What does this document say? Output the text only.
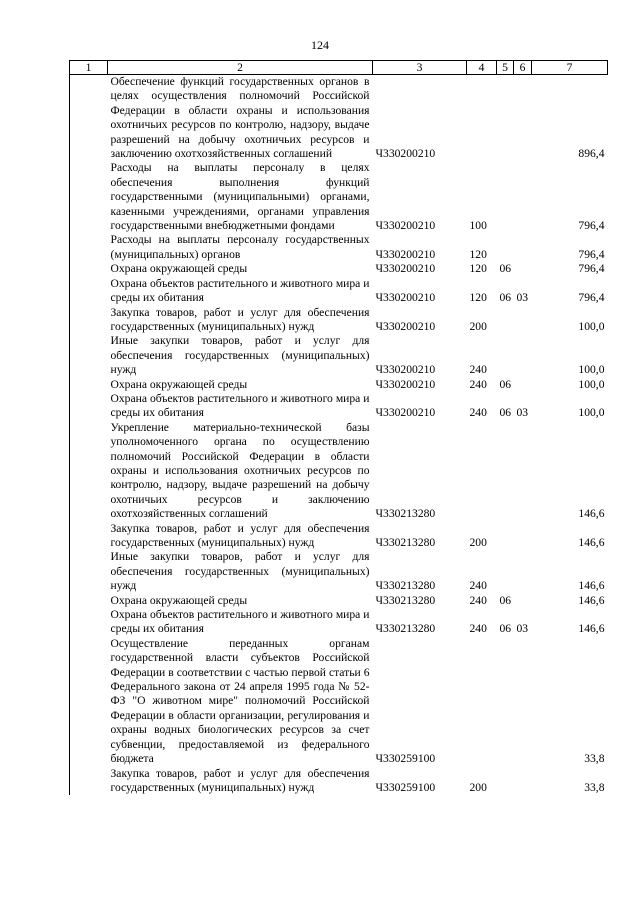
124
1	2	3	4	5	6	7
	Обеспечение функций государственных органов в целях осуществления полномочий Российской Федерации в области охраны и использования охотничьих ресурсов по контролю, надзору, выдаче разрешений на добычу охотничьих ресурсов и заключению охотхозяйственных соглашений	Ч330200210				896,4
	Расходы на выплаты персоналу в целях обеспечения выполнения функций государственными (муниципальными) органами, казенными учреждениями, органами управления государственными внебюджетными фондами	Ч330200210	100			796,4
	Расходы на выплаты персоналу государственных (муниципальных) органов	Ч330200210	120			796,4
	Охрана окружающей среды	Ч330200210	120	06		796,4
	Охрана объектов растительного и животного мира и среды их обитания	Ч330200210	120	06	03	796,4
	Закупка товаров, работ и услуг для обеспечения государственных (муниципальных) нужд	Ч330200210	200			100,0
	Иные закупки товаров, работ и услуг для обеспечения государственных (муниципальных) нужд	Ч330200210	240			100,0
	Охрана окружающей среды	Ч330200210	240	06		100,0
	Охрана объектов растительного и животного мира и среды их обитания	Ч330200210	240	06	03	100,0
	Укрепление материально-технической базы уполномоченного органа по осуществлению полномочий Российской Федерации в области охраны и использования охотничьих ресурсов по контролю, надзору, выдаче разрешений на добычу охотничьих ресурсов и заключению охотхозяйственных соглашений	Ч330213280				146,6
	Закупка товаров, работ и услуг для обеспечения государственных (муниципальных) нужд	Ч330213280	200			146,6
	Иные закупки товаров, работ и услуг для обеспечения государственных (муниципальных) нужд	Ч330213280	240			146,6
	Охрана окружающей среды	Ч330213280	240	06		146,6
	Охрана объектов растительного и животного мира и среды их обитания	Ч330213280	240	06	03	146,6
	Осуществление переданных органам государственной власти субъектов Российской Федерации в соответствии с частью первой статьи 6 Федерального закона от 24 апреля 1995 года № 52-ФЗ "О животном мире" полномочий Российской Федерации в области организации, регулирования и охраны водных биологических ресурсов за счет субвенции, предоставляемой из федерального бюджета	Ч330259100				33,8
	Закупка товаров, работ и услуг для обеспечения государственных (муниципальных) нужд	Ч330259100	200			33,8
